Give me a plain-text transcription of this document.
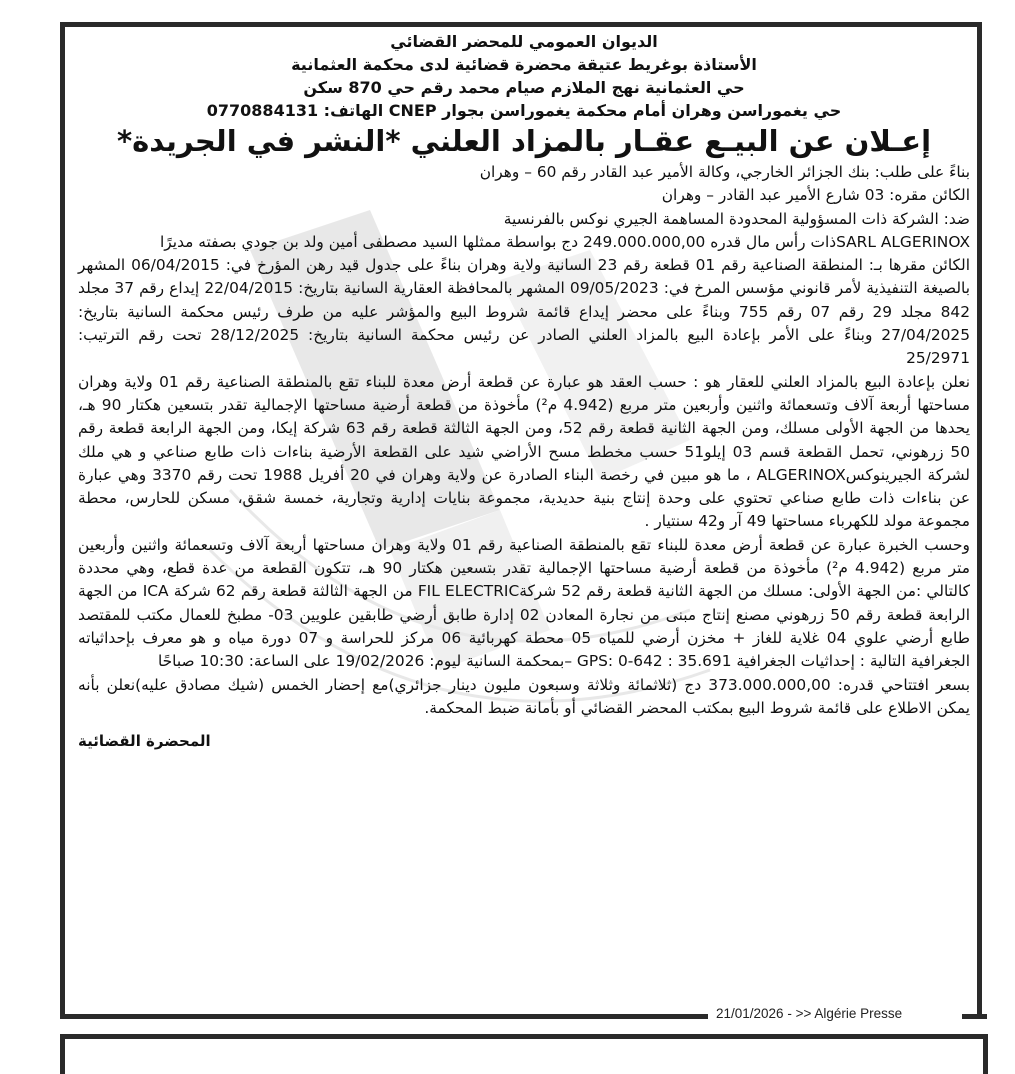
21/01/2026 - >> Algérie Presse
الديوان العمومي للمحضر القضائي
الأستاذة بوغريط عتيقة محضرة قضائية لدى محكمة العثمانية
حي العثمانية نهج الملازم صيام محمد رقم حي 870 سكن
حي يغموراسن وهران أمام محكمة يغموراسن بجوار CNEP الهاتف: 0770884131
إعـلان عن البيـع عقـار بالمزاد العلني *النشر في الجريدة*

بناءً على طلب: بنك الجزائر الخارجي، وكالة الأمير عبد القادر رقم 60 – وهران

الكائن مقره: 03 شارع الأمير عبد القادر – وهران

ضد: الشركة ذات المسؤولية المحدودة المساهمة الجيري نوكس بالفرنسية

SARL ALGERINOXذات رأس مال قدره 249.000.000,00 دج بواسطة ممثلها السيد مصطفى أمين ولد بن جودي بصفته مديرًا

الكائن مقرها بـ: المنطقة الصناعية رقم 01 قطعة رقم 23 السانية ولاية وهران بناءً على جدول قيد رهن المؤرخ في: 06/04/2015 المشهر بالصيغة التنفيذية لأمر قانوني مؤسس المرخ في: 09/05/2023 المشهر بالمحافظة العقارية السانية بتاريخ: 22/04/2015 إيداع رقم 37 مجلد 842 مجلد 29 رقم 07 رقم 755 وبناءً على محضر إيداع قائمة شروط البيع والمؤشر عليه من طرف رئيس محكمة السانية بتاريخ: 27/04/2025 وبناءً على الأمر بإعادة البيع بالمزاد العلني الصادر عن رئيس محكمة السانية بتاريخ: 28/12/2025 تحت رقم الترتيب: 25/2971

نعلن بإعادة البيع بالمزاد العلني للعقار هو : حسب العقد هو عبارة عن قطعة أرض معدة للبناء تقع بالمنطقة الصناعية رقم 01 ولاية وهران مساحتها أربعة آلاف وتسعمائة واثنين وأربعين متر مربع (4.942 م²) مأخوذة من قطعة أرضية مساحتها الإجمالية تقدر بتسعين هكتار 90 هـ، يحدها من الجهة الأولى مسلك، ومن الجهة الثانية قطعة رقم 52، ومن الجهة الثالثة قطعة رقم 63 شركة إيكا، ومن الجهة الرابعة قطعة رقم 50 زرهوني، تحمل القطعة قسم 03 إيلو51 حسب مخطط مسح الأراضي شيد على القطعة الأرضية بناءات ذات طابع صناعي و هي ملك لشركة الجيرينوكسALGERINOX ، ما هو مبين في رخصة البناء الصادرة عن ولاية وهران في 20 أفريل 1988 تحت رقم 3370 وهي عبارة عن بناءات ذات طابع صناعي تحتوي على وحدة إنتاج بنية حديدية، مجموعة بنايات إدارية وتجارية، خمسة شقق، مسكن للحارس، محطة مجموعة مولد للكهرباء مساحتها 49 آر و42 سنتيار .

وحسب الخبرة عبارة عن قطعة أرض معدة للبناء تقع بالمنطقة الصناعية رقم 01 ولاية وهران مساحتها أربعة آلاف وتسعمائة واثنين وأربعين متر مربع (4.942 م²) مأخوذة من قطعة أرضية مساحتها الإجمالية تقدر بتسعين هكتار 90 هـ، تتكون القطعة من عدة قطع، وهي محددة كالتالي :من الجهة الأولى: مسلك من الجهة الثانية قطعة رقم 52 شركةFIL ELECTRIC من الجهة الثالثة قطعة رقم 62 شركة ICA من الجهة الرابعة قطعة رقم 50 زرهوني مصنع إنتاج مبنى من نجارة المعادن 02 إدارة طابق أرضي طابقين علويين 03- مطبخ للعمال مكتب للمقتصد طابع أرضي علوي 04 غلاية للغاز + مخزن أرضي للمياه 05 محطة كهربائية 06 مركز للحراسة و 07 دورة مياه و هو معرف بإحداثياته الجغرافية التالية : إحداثيات الجغرافية GPS: 0-642 : 35.691 –بمحكمة السانية ليوم: 19/02/2026 على الساعة: 10:30 صباحًا

بسعر افتتاحي قدره: 373.000.000,00 دج (ثلاثمائة وثلاثة وسبعون مليون دينار جزائري)مع إحضار الخمس (شيك مصادق عليه)نعلن بأنه يمكن الاطلاع على قائمة شروط البيع بمكتب المحضر القضائي أو بأمانة ضبط المحكمة.

المحضرة القضائية
